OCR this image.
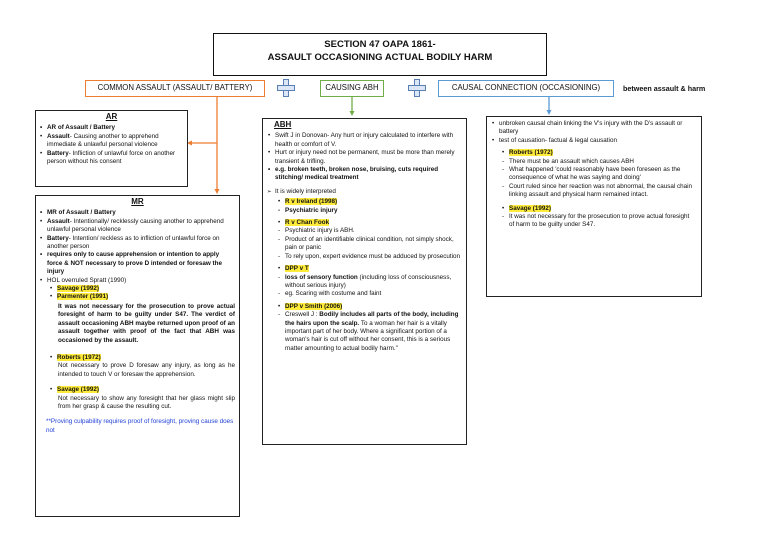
SECTION 47 OAPA 1861-
ASSAULT OCCASIONING ACTUAL BODILY HARM
COMMON ASSAULT (ASSAULT/ BATTERY)	CAUSING ABH	CAUSAL CONNECTION (OCCASIONING)	between assault & harm
AR
• AR of Assault / Battery
• Assault- Causing another to apprehend immediate & unlawful personal violence
• Battery- Infliction of unlawful force on another person without his consent
MR
• MR of Assault / Battery
• Assault- Intentionally/ recklessly causing another to apprehend unlawful personal violence
• Battery- Intention/ reckless as to infliction of unlawful force on another person
• requires only to cause apprehension or intention to apply force & NOT necessary to prove D intended or foresaw the injury
• HOL overruled Spratt (1990)
• Savage (1992)
• Parmenter (1991)

It was not necessary for the prosecution to prove actual foresight of harm to be guilty under S47. The verdict of assault occasioning ABH maybe returned upon proof of an assault together with proof of the fact that ABH was occasioned by the assault.

• Roberts (1972)

Not necessary to prove D foresaw any injury, as long as he intended to touch V or foresaw the apprehension.

• Savage (1992)

Not necessary to show any foresight that her glass might slip from her grasp & cause the resulting cut.

**Proving culpability requires proof of foresight, proving cause does not

ABH
• Swift J in Donovan- Any hurt or injury calculated to interfere with health or comfort of V.
• Hurt or injury need not be permanent, must be more than merely transient & trifling.
• e.g. broken teeth, broken nose, bruising, cuts required stitching/ medical treatment
➢ It is widely interpreted
• R v Ireland (1998)
- Psychiatric injury
• R v Chan Fook
- Psychiatric injury is ABH.
- Product of an identifiable clinical condition, not simply shock, pain or panic
- To rely upon, expert evidence must be adduced by prosecution
• DPP v T
- loss of sensory function (including loss of consciousness, without serious injury)
- eg. Scaring with costume and faint
• DPP v Smith (2006)
- Creswell J : Bodily includes all parts of the body, including the hairs upon the scalp. To a woman her hair is a vitally important part of her body. Where a significant portion of a woman's hair is cut off without her consent, this is a serious matter amounting to actual bodily harm."
• unbroken causal chain linking the V's injury with the D's assault or battery
• test of causation- factual & legal causation
• Roberts (1972)
- There must be an assault which causes ABH
- What happened 'could reasonably have been foreseen as the consequence of what he was saying and doing'
- Court ruled since her reaction was not abnormal, the causal chain linking assault and physical harm remained intact.
• Savage (1992)
- It was not necessary for the prosecution to prove actual foresight of harm to be guilty under S47.
